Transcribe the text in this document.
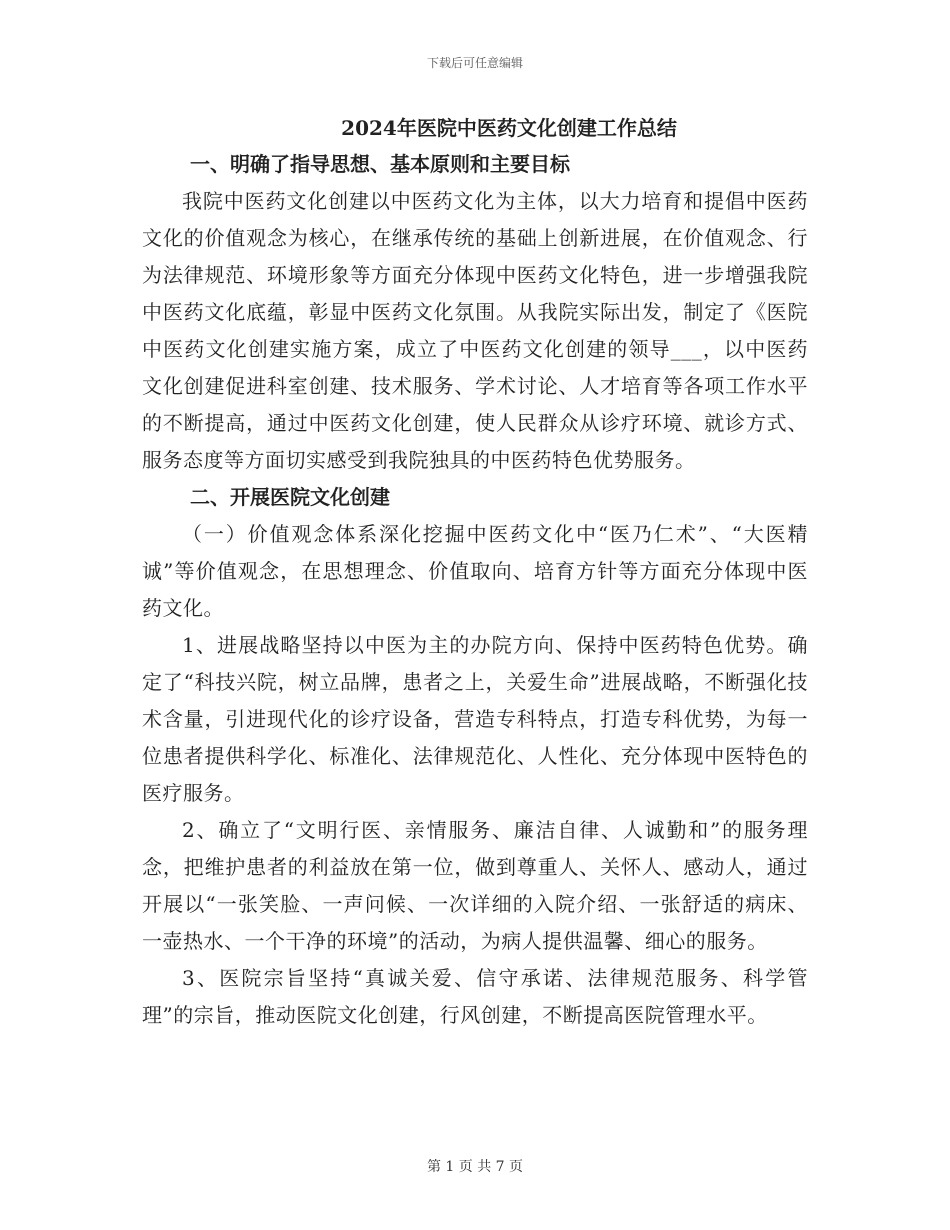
下载后可任意编辑
2024年医院中医药文化创建工作总结
一、明确了指导思想、基本原则和主要目标

我院中医药文化创建以中医药文化为主体，以大力培育和提倡中医药文化的价值观念为核心，在继承传统的基础上创新进展，在价值观念、行为法律规范、环境形象等方面充分体现中医药文化特色，进一步增强我院中医药文化底蕴，彰显中医药文化氛围。从我院实际出发，制定了《医院中医药文化创建实施方案，成立了中医药文化创建的领导___，以中医药文化创建促进科室创建、技术服务、学术讨论、人才培育等各项工作水平的不断提高，通过中医药文化创建，使人民群众从诊疗环境、就诊方式、服务态度等方面切实感受到我院独具的中医药特色优势服务。

二、开展医院文化创建

（一）价值观念体系深化挖掘中医药文化中“医乃仁术”、“大医精诚”等价值观念，在思想理念、价值取向、培育方针等方面充分体现中医药文化。

1、进展战略坚持以中医为主的办院方向、保持中医药特色优势。确定了“科技兴院，树立品牌，患者之上，关爱生命”进展战略，不断强化技术含量，引进现代化的诊疗设备，营造专科特点，打造专科优势，为每一位患者提供科学化、标准化、法律规范化、人性化、充分体现中医特色的医疗服务。

2、确立了“文明行医、亲情服务、廉洁自律、人诚勤和”的服务理念，把维护患者的利益放在第一位，做到尊重人、关怀人、感动人，通过开展以“一张笑脸、一声问候、一次详细的入院介绍、一张舒适的病床、一壶热水、一个干净的环境”的活动，为病人提供温馨、细心的服务。

3、医院宗旨坚持“真诚关爱、信守承诺、法律规范服务、科学管理”的宗旨，推动医院文化创建，行风创建，不断提高医院管理水平。

第 1 页 共 7 页
